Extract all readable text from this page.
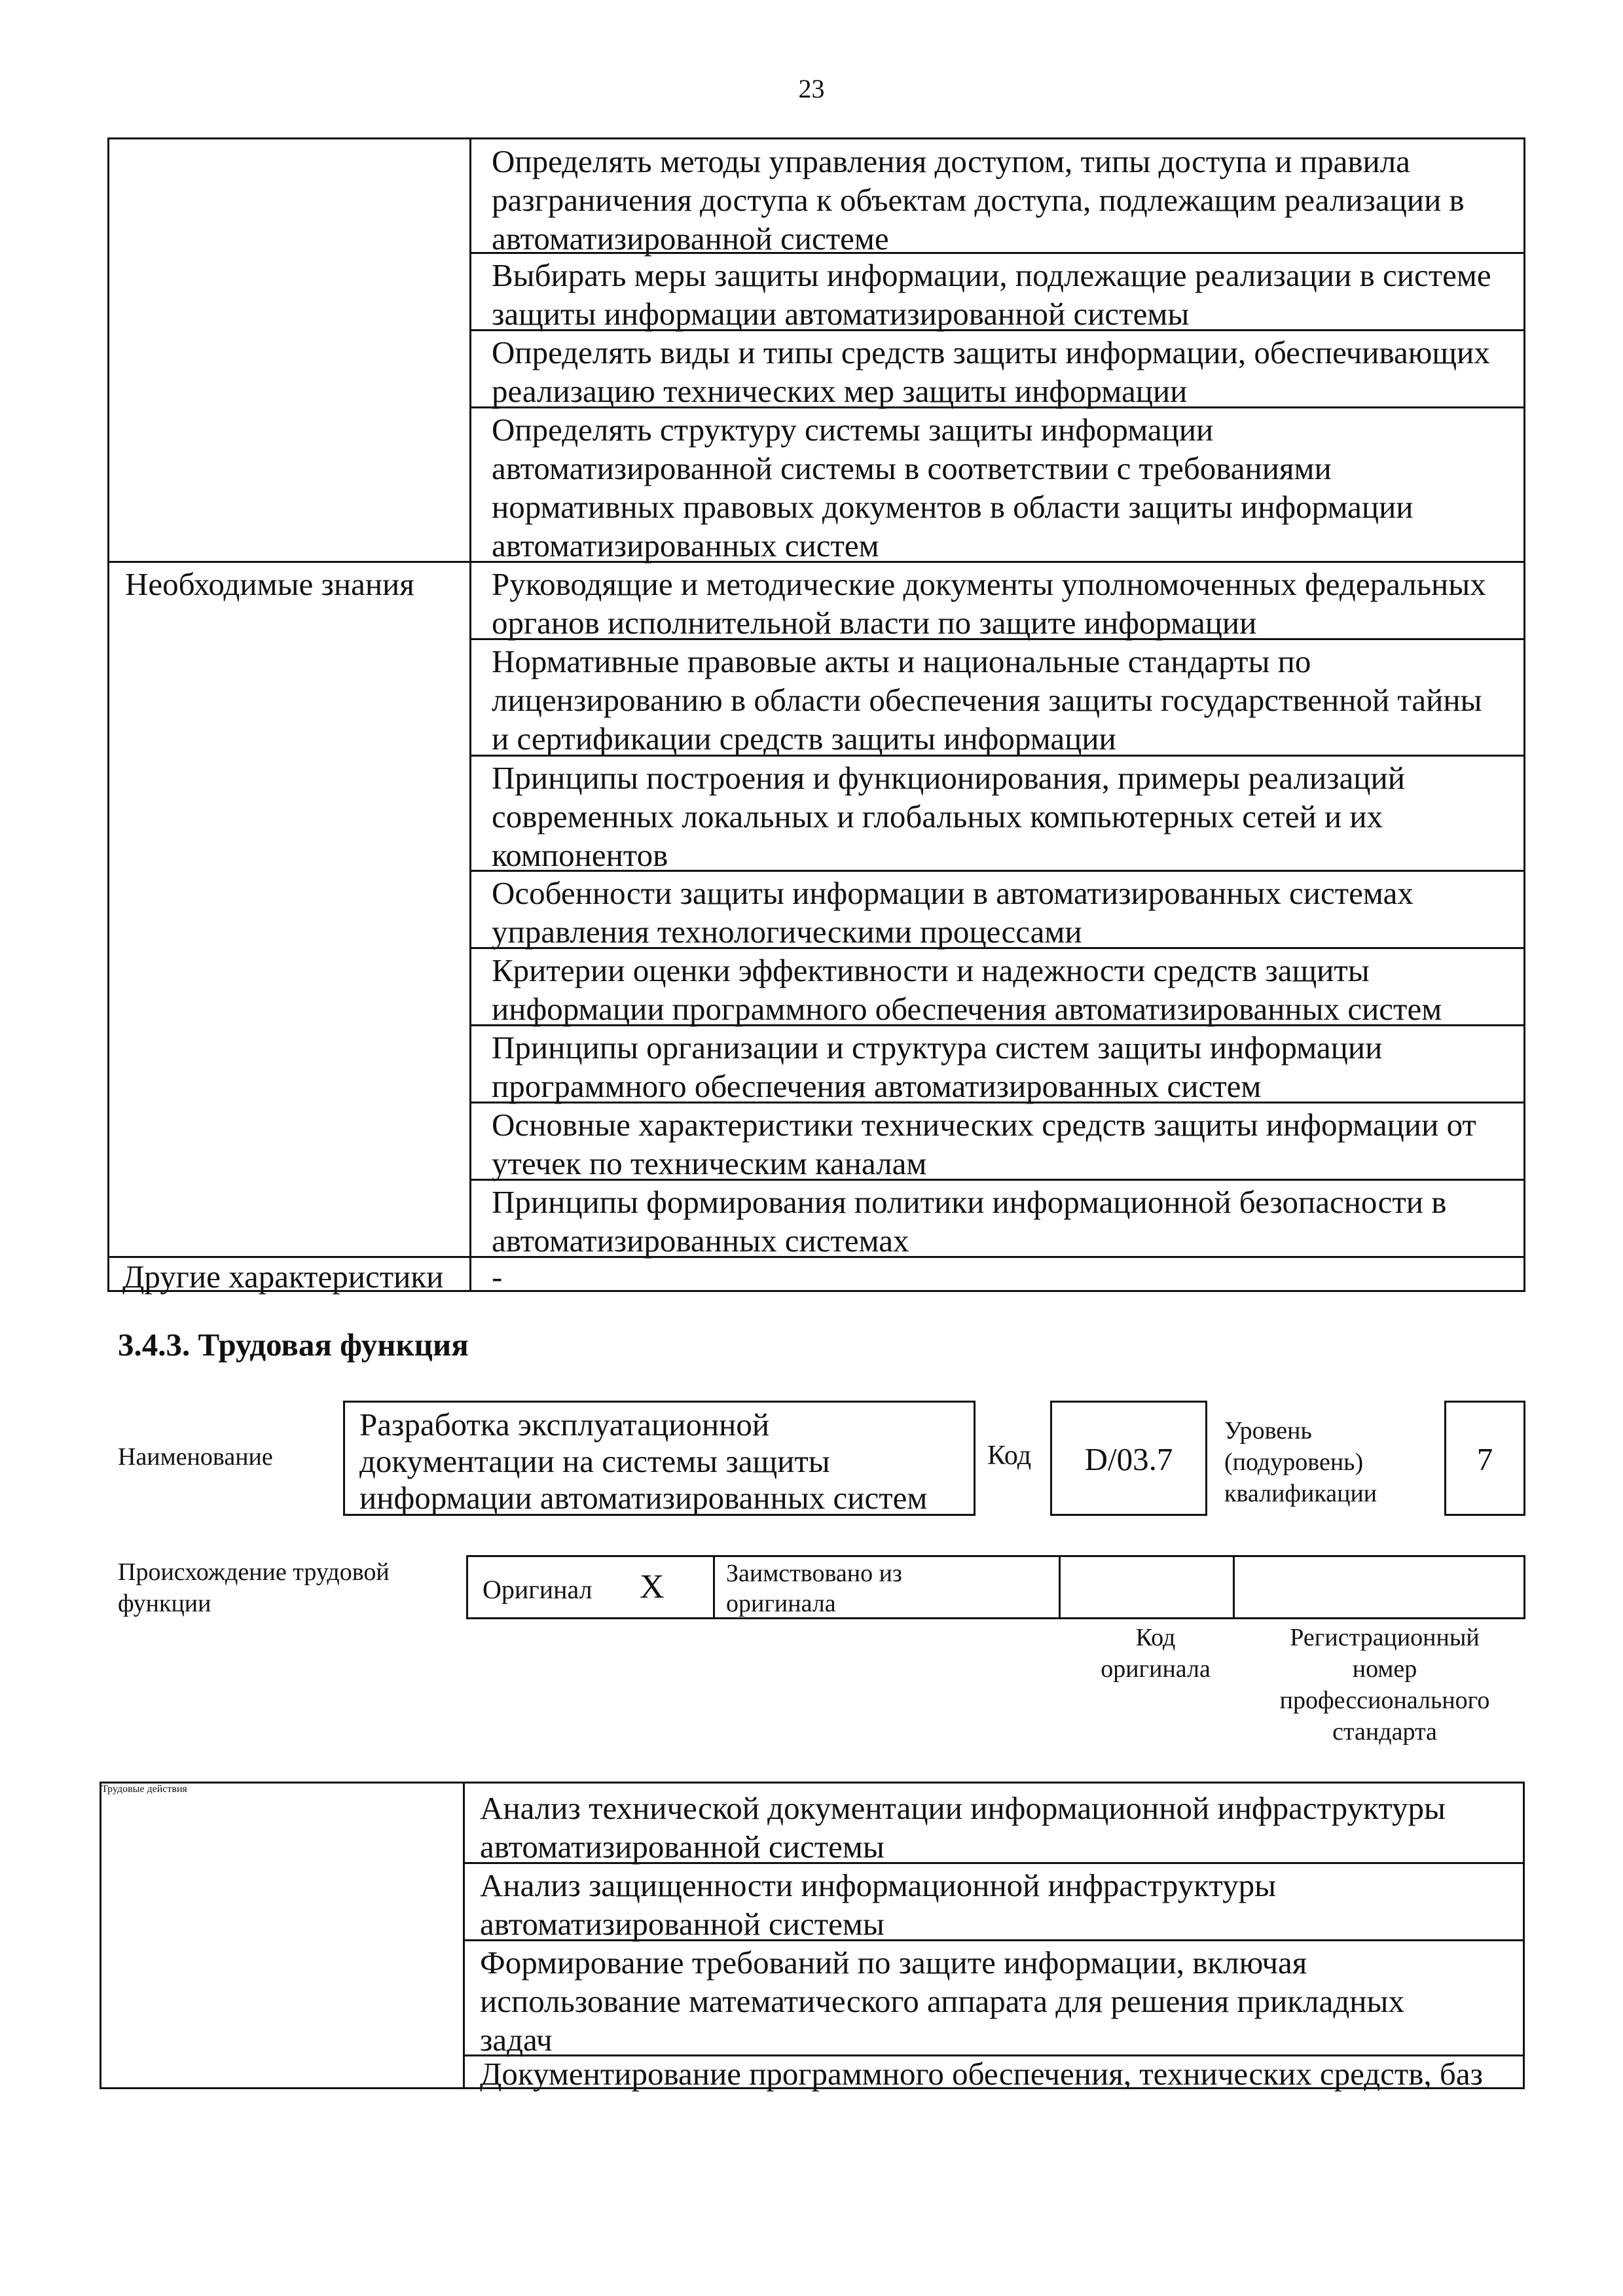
23
Определять методы управления доступом, типы доступа и правила
разграничения доступа к объектам доступа, подлежащим реализации в
автоматизированной системе
Выбирать меры защиты информации, подлежащие реализации в системе
защиты информации автоматизированной системы
Определять виды и типы средств защиты информации, обеспечивающих
реализацию технических мер защиты информации
Определять структуру системы защиты информации
автоматизированной системы в соответствии с требованиями
нормативных правовых документов в области защиты информации
автоматизированных систем
Необходимые знания Руководящие и методические документы уполномоченных федеральных
органов исполнительной власти по защите информации
Нормативные правовые акты и национальные стандарты по
лицензированию в области обеспечения защиты государственной тайны
и сертификации средств защиты информации
Принципы построения и функционирования, примеры реализаций
современных локальных и глобальных компьютерных сетей и их
компонентов
Особенности защиты информации в автоматизированных системах
управления технологическими процессами
Критерии оценки эффективности и надежности средств защиты
информации программного обеспечения автоматизированных систем
Принципы организации и структура систем защиты информации
программного обеспечения автоматизированных систем
Основные характеристики технических средств защиты информации от
утечек по техническим каналам
Принципы формирования политики информационной безопасности в
автоматизированных системах
Другие характеристики -
3.4.3. Трудовая функция
Наименование
Разработка эксплуатационной
документации на системы защиты
информации автоматизированных систем
Код	D/03.7
Уровень
(подуровень)
квалификации
7
Происхождение трудовой
функции	Оригинал X Заимствовано из
оригинала
Код
оригинала
Регистрационный
номер
профессионального
стандарта
Трудовые действия
Анализ технической документации информационной инфраструктуры
автоматизированной системы
Анализ защищенности информационной инфраструктуры
автоматизированной системы
Формирование требований по защите информации, включая
использование математического аппарата для решения прикладных
задач
Документирование программного обеспечения, технических средств, баз
